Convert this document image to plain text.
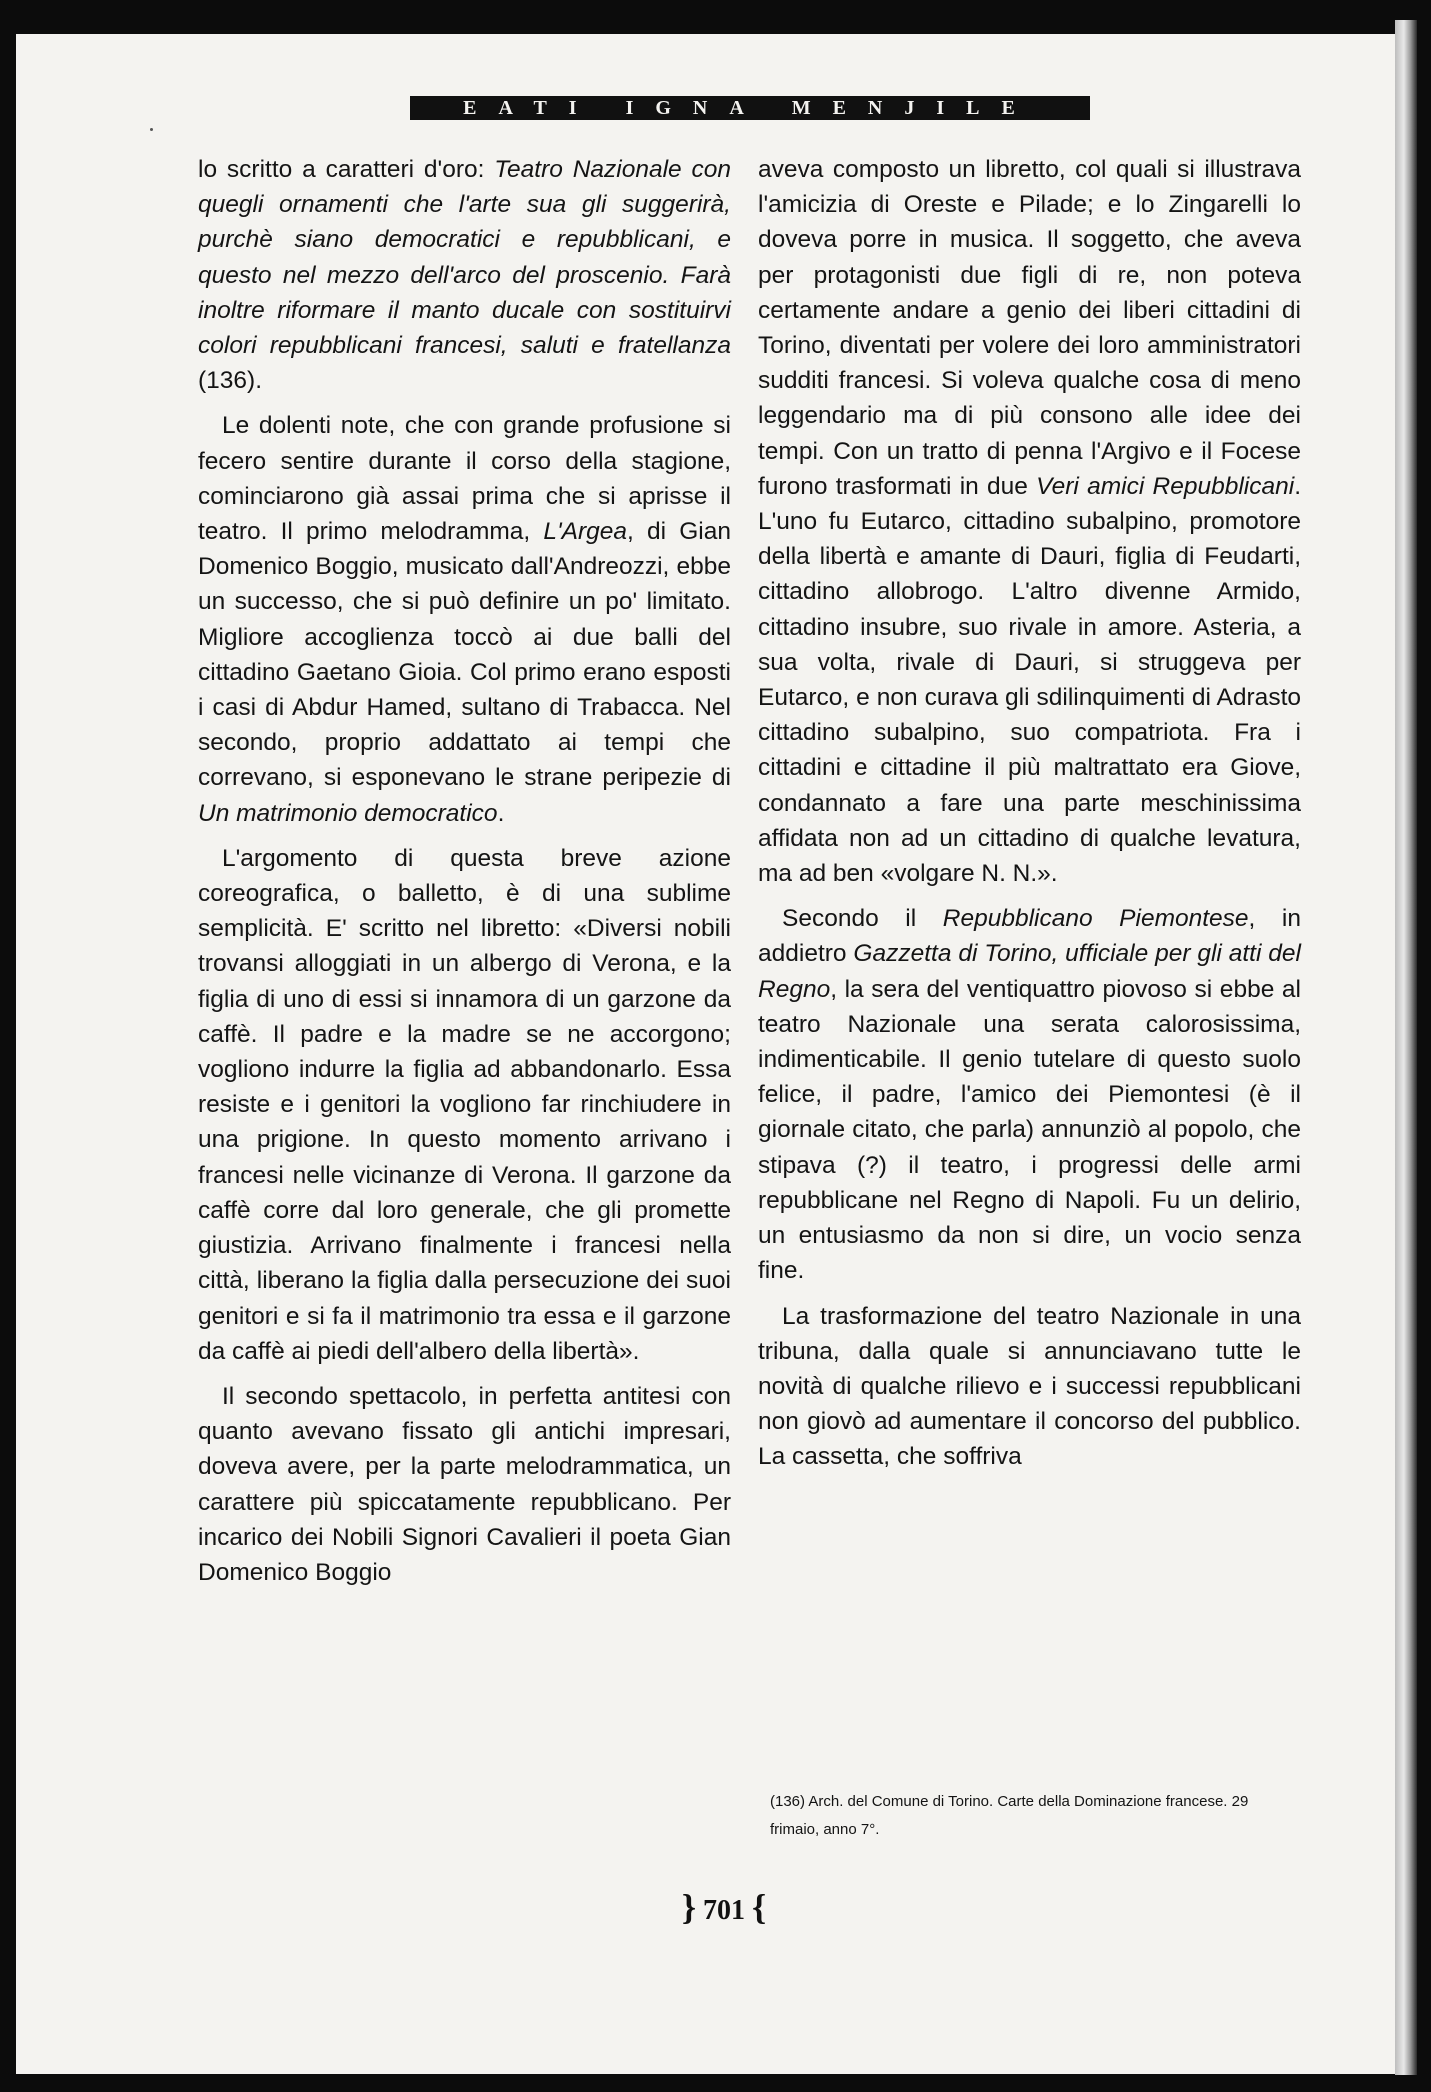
EATI IGNA MENJILE

lo scritto a caratteri d'oro: Teatro Nazionale con quegli ornamenti che l'arte sua gli suggerirà, purchè siano democratici e repubblicani, e questo nel mezzo dell'arco del proscenio. Farà inoltre riformare il manto ducale con sostituirvi colori repubblicani francesi, saluti e fratellanza (136).

Le dolenti note, che con grande profusione si fecero sentire durante il corso della stagione, cominciarono già assai prima che si aprisse il teatro. Il primo melodramma, L'Argea, di Gian Domenico Boggio, musicato dall'Andreozzi, ebbe un successo, che si può definire un po' limitato. Migliore accoglienza toccò ai due balli del cittadino Gaetano Gioia. Col primo erano esposti i casi di Abdur Hamed, sultano di Trabacca. Nel secondo, proprio addattato ai tempi che correvano, si esponevano le strane peripezie di Un matrimonio democratico.

L'argomento di questa breve azione coreografica, o balletto, è di una sublime semplicità. E' scritto nel libretto: «Diversi nobili trovansi alloggiati in un albergo di Verona, e la figlia di uno di essi si innamora di un garzone da caffè. Il padre e la madre se ne accorgono; vogliono indurre la figlia ad abbandonarlo. Essa resiste e i genitori la vogliono far rinchiudere in una prigione. In questo momento arrivano i francesi nelle vicinanze di Verona. Il garzone da caffè corre dal loro generale, che gli promette giustizia. Arrivano finalmente i francesi nella città, liberano la figlia dalla persecuzione dei suoi genitori e si fa il matrimonio tra essa e il garzone da caffè ai piedi dell'albero della libertà».

Il secondo spettacolo, in perfetta antitesi con quanto avevano fissato gli antichi impresari, doveva avere, per la parte melodrammatica, un carattere più spiccatamente repubblicano. Per incarico dei Nobili Signori Cavalieri il poeta Gian Domenico Boggio

aveva composto un libretto, col quali si illustrava l'amicizia di Oreste e Pilade; e lo Zingarelli lo doveva porre in musica. Il soggetto, che aveva per protagonisti due figli di re, non poteva certamente andare a genio dei liberi cittadini di Torino, diventati per volere dei loro amministratori sudditi francesi. Si voleva qualche cosa di meno leggendario ma di più consono alle idee dei tempi. Con un tratto di penna l'Argivo e il Focese furono trasformati in due Veri amici Repubblicani. L'uno fu Eutarco, cittadino subalpino, promotore della libertà e amante di Dauri, figlia di Feudarti, cittadino allobrogo. L'altro divenne Armido, cittadino insubre, suo rivale in amore. Asteria, a sua volta, rivale di Dauri, si struggeva per Eutarco, e non curava gli sdilinquimenti di Adrasto cittadino subalpino, suo compatriota. Fra i cittadini e cittadine il più maltrattato era Giove, condannato a fare una parte meschinissima affidata non ad un cittadino di qualche levatura, ma ad ben «volgare N. N.».

Secondo il Repubblicano Piemontese, in addietro Gazzetta di Torino, ufficiale per gli atti del Regno, la sera del ventiquattro piovoso si ebbe al teatro Nazionale una serata calorosissima, indimenticabile. Il genio tutelare di questo suolo felice, il padre, l'amico dei Piemontesi (è il giornale citato, che parla) annunziò al popolo, che stipava (?) il teatro, i progressi delle armi repubblicane nel Regno di Napoli. Fu un delirio, un entusiasmo da non si dire, un vocio senza fine.

La trasformazione del teatro Nazionale in una tribuna, dalla quale si annunciavano tutte le novità di qualche rilievo e i successi repubblicani non giovò ad aumentare il concorso del pubblico. La cassetta, che soffriva

(136) Arch. del Comune di Torino. Carte della Dominazione francese. 29 frimaio, anno 7°.
} 701 {
